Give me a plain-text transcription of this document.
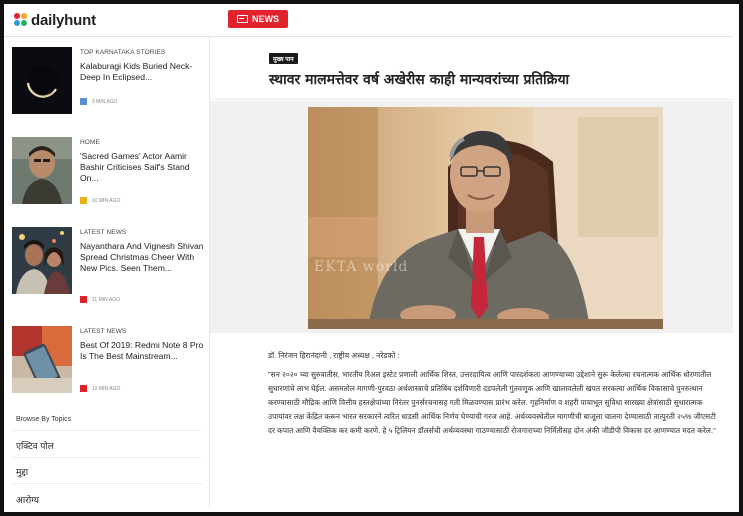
dailyhunt	NEWS
TOP KARNATAKA STORIES
Kalaburagi Kids Buried Neck-Deep In Eclipsed...
9 MIN AGO
HOME
'Sacred Games' Actor Aamir Bashir Criticises Saif's Stand On...
10 MIN AGO
LATEST NEWS
Nayanthara And Vignesh Shivan Spread Christmas Cheer With New Pics. Seen Them...
11 MIN AGO
LATEST NEWS
Best Of 2019: Redmi Note 8 Pro Is The Best Mainstream...
12 MIN AGO
Browse By Topics
एक्टिव पोल
मुद्दा
आरोग्य
मुख्य पान
स्थावर मालमत्तेवर वर्ष अखेरीस काही मान्यवरांच्या प्रतिक्रिया
EKTA world
डॉ. निरंजन हिरानंदानी , राष्ट्रीय अध्यक्ष , नरेडको :
"सन २०२० च्या सुरुवातीस, भारतीय रिअल इस्टेट प्रणाली आर्थिक शिस्त, उत्तरदायित्व आणि पारदर्शकता आणण्याच्या उद्देशाने सुरू केलेल्या रचनात्मक आर्थिक धोरणातील सुधारणांचे लाभ घेईल. असमतोल मागणी-पुरवठा अर्थशास्त्राचे प्रतिबिंब दर्शविणारी दडपलेली गुंतवणूक आणि खालावलेली खपत सरकत्या आर्थिक विकासाचे पुनरुत्थान करण्यासाठी मौद्रिक आणि वित्तीय हस्तक्षेपांच्या निरंतर पुनर्सरचनासह गती मिळवण्यास प्रारंभ करेल. गृहनिर्माण व शहरी पायाभूत सुविधा सारख्या क्षेत्रांसाठी सुधारात्मक उपायांवर लक्ष केंद्रित करून भारत सरकारने त्वरित धाडसी आर्थिक निर्णय घेण्याची गरज आहे. अर्थव्यवस्थेतील मागणीची बाजूला चालना देण्यासाठी तात्पुरती २५% जीएसटी दर कपात आणि वैयक्तिक कर कमी करणे. हे ५ ट्रिलियन डॉलर्सची अर्थव्यवस्था गाठण्यासाठी रोजगाराच्या निर्मितीसह दोन अंकी जीडीपी विकास दर आणण्यात मदत करेल."
